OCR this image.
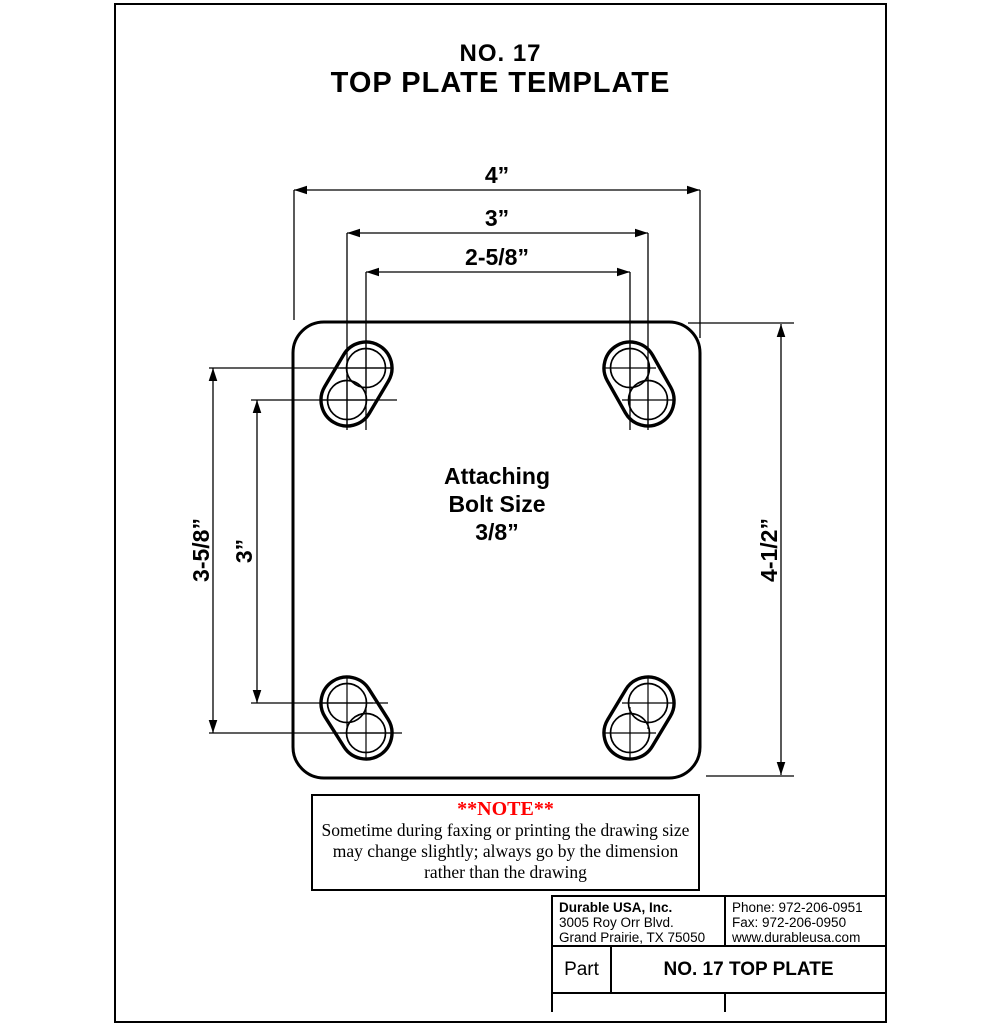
NO. 17
TOP PLATE TEMPLATE
4”
3”
2-5/8”
3-5/8” 3”	4-1/2”
Attaching
Bolt Size
3/8”
**NOTE**
Sometime during faxing or printing the drawing size
may change slightly; always go by the dimension
rather than the drawing
Durable USA, Inc.
3005 Roy Orr Blvd.
Grand Prairie, TX 75050
Phone: 972-206-0951
Fax: 972-206-0950
www.durableusa.com
Part	NO. 17 TOP PLATE
